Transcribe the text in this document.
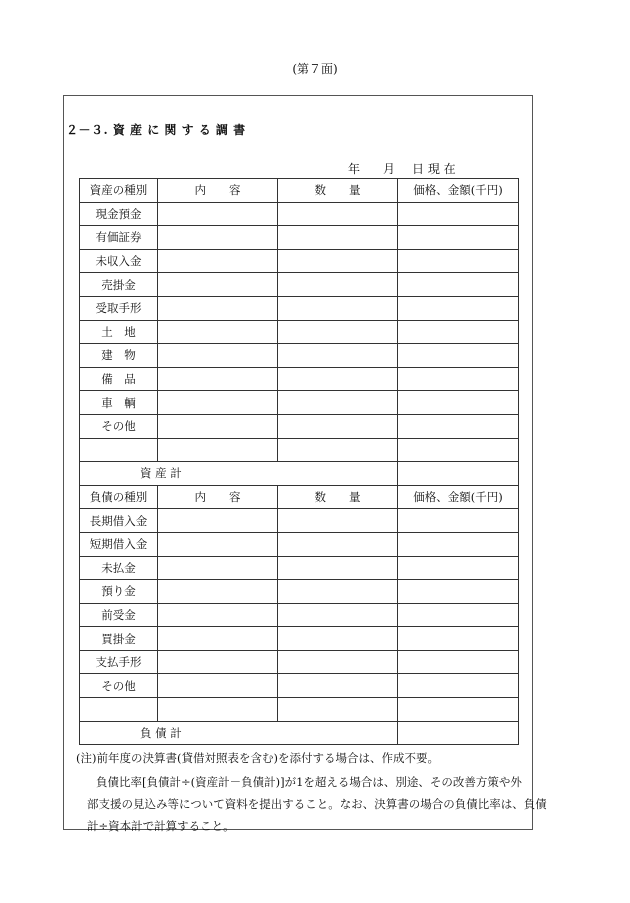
(第７面)
２－３. 資 産 に 関 す る 調 書
年 月 日 現 在
資産の種別	内　　容	数　　量	価格、金額(千円)
現金預金			
有価証券			
未収入金			
売掛金			
受取手形			
土　地			
建　物			
備　品			
車　輌			
その他			

資 産 計			
負債の種別	内　　容	数　　量	価格、金額(千円)
長期借入金			
短期借入金			
未払金			
預り金			
前受金			
買掛金			
支払手形			
その他			

負 債 計			
(注)前年度の決算書(貸借対照表を含む)を添付する場合は、作成不要。
負債比率[負債計÷(資産計－負債計)]が1を超える場合は、別途、その改善方策や外
部支援の見込み等について資料を提出すること。なお、決算書の場合の負債比率は、負債
計÷資本計で計算すること。
